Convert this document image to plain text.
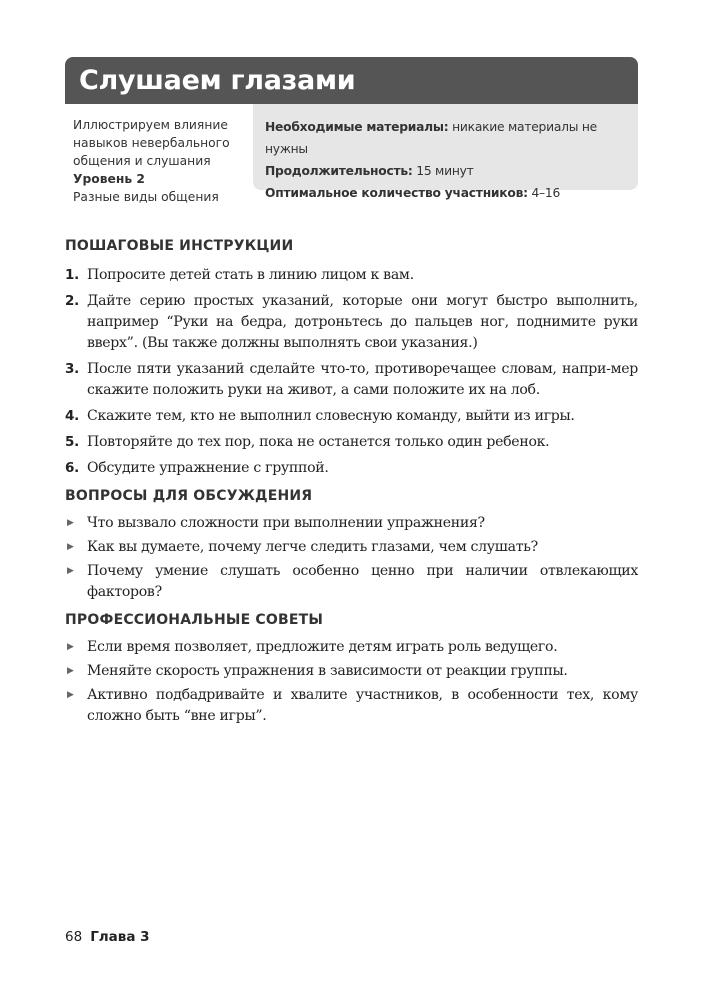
Слушаем глазами
Иллюстрируем влияние навыков невербального общения и слушания
Уровень 2
Разные виды общения
Необходимые материалы: никакие материалы не нужны
Продолжительность: 15 минут
Оптимальное количество участников: 4–16
ПОШАГОВЫЕ ИНСТРУКЦИИ
1. Попросите детей стать в линию лицом к вам.
2. Дайте серию простых указаний, которые они могут быстро выполнить, например “Руки на бедра, дотроньтесь до пальцев ног, поднимите руки вверх”. (Вы также должны выполнять свои указания.)
3. После пяти указаний сделайте что-то, противоречащее словам, напри-мер скажите положить руки на живот, а сами положите их на лоб.
4. Скажите тем, кто не выполнил словесную команду, выйти из игры.
5. Повторяйте до тех пор, пока не останется только один ребенок.
6. Обсудите упражнение с группой.
ВОПРОСЫ ДЛЯ ОБСУЖДЕНИЯ
▶ Что вызвало сложности при выполнении упражнения?
▶ Как вы думаете, почему легче следить глазами, чем слушать?
▶ Почему умение слушать особенно ценно при наличии отвлекающих факторов?
ПРОФЕССИОНАЛЬНЫЕ СОВЕТЫ
▶ Если время позволяет, предложите детям играть роль ведущего.
▶ Меняйте скорость упражнения в зависимости от реакции группы.
▶ Активно подбадривайте и хвалите участников, в особенности тех, кому сложно быть “вне игры”.
68 Глава 3
